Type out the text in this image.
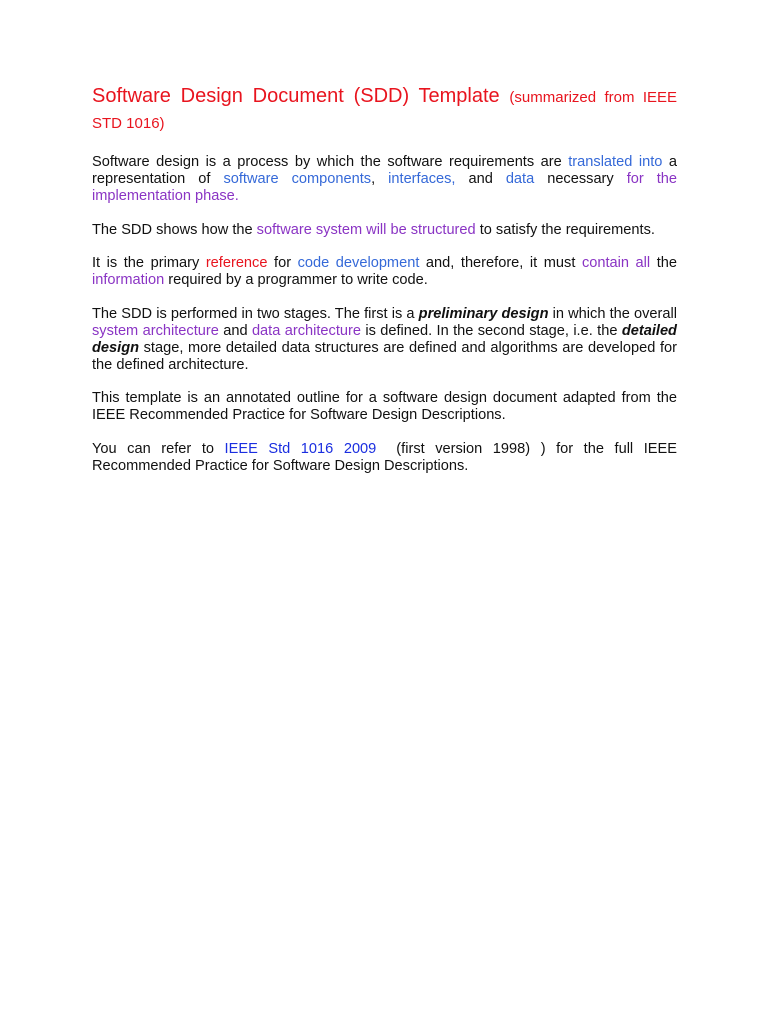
Software Design Document (SDD) Template (summarized from IEEE STD 1016)

Software design is a process by which the software requirements are translated into a representation of software components, interfaces, and data necessary for the implementation phase.

The SDD shows how the software system will be structured to satisfy the requirements.

It is the primary reference for code development and, therefore, it must contain all the information required by a programmer to write code.

The SDD is performed in two stages. The first is a preliminary design in which the overall system architecture and data architecture is defined. In the second stage, i.e. the detailed design stage, more detailed data structures are defined and algorithms are developed for the defined architecture.

This template is an annotated outline for a software design document adapted from the IEEE Recommended Practice for Software Design Descriptions.

You can refer to IEEE Std 1016 2009 (first version 1998) ) for the full IEEE Recommended Practice for Software Design Descriptions.
